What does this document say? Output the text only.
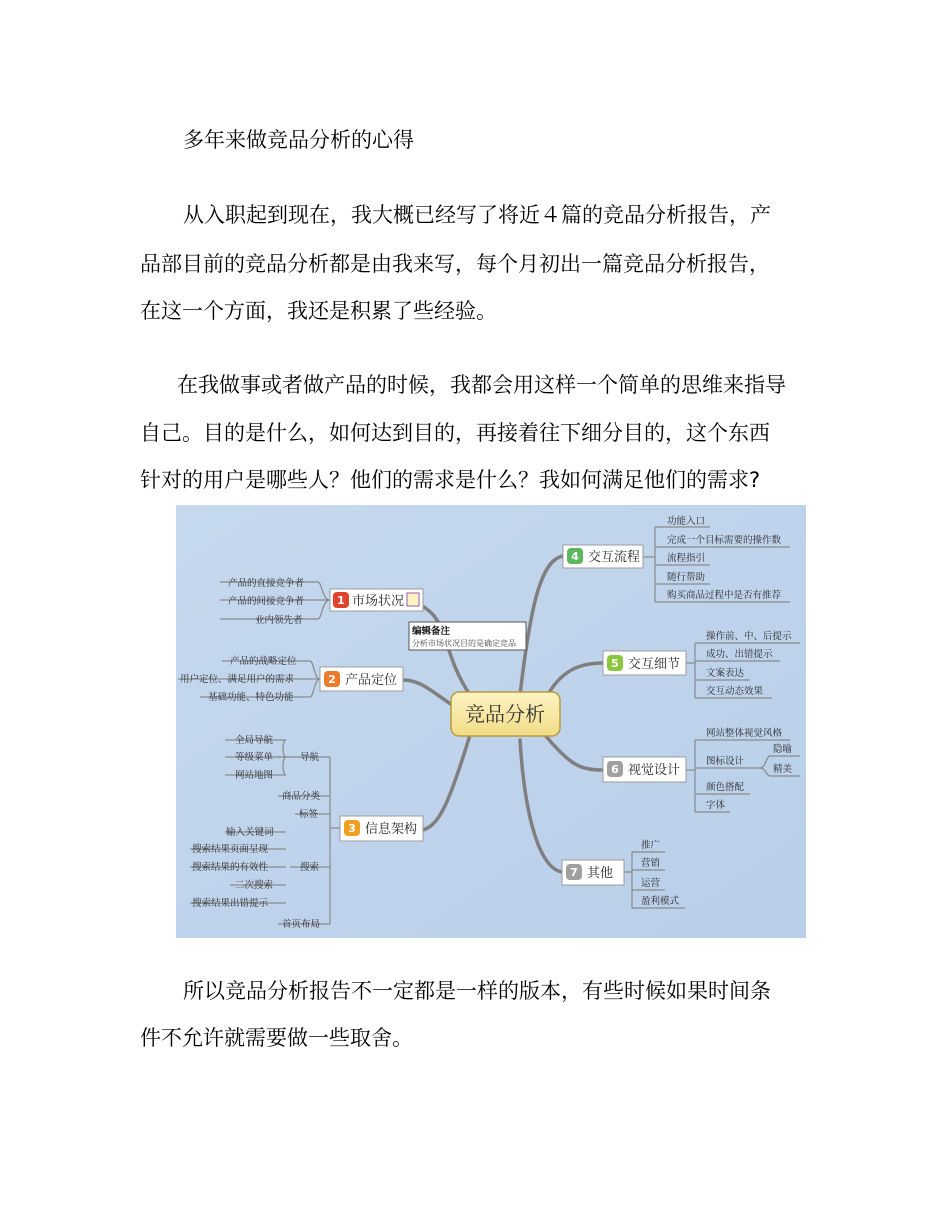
多年来做竞品分析的心得
从入职起到现在，我大概已经写了将近４篇的竞品分析报告，产
品部目前的竞品分析都是由我来写，每个月初出一篇竞品分析报告，
在这一个方面，我还是积累了些经验。
在我做事或者做产品的时候，我都会用这样一个简单的思维来指导
自己。目的是什么，如何达到目的，再接着往下细分目的，这个东西
针对的用户是哪些人？他们的需求是什么？我如何满足他们的需求?
所以竞品分析报告不一定都是一样的版本，有些时候如果时间条
件不允许就需要做一些取舍。
竞品分析
编辑备注
分析市场状况目的是确定竞品
1 市场状况
产品的直接竞争者
产品的间接竞争者
业内领先者
2 产品定位
产品的战略定位
用户定位、满足用户的需求
基础功能、特色功能
3 信息架构
导航
全局导航
等级菜单
网站地图
商品分类
标签
搜索
输入关键词
搜索结果页面呈现
搜索结果的有效性
二次搜索
搜索结果出错提示
首页布局
4 交互流程
功能入口
完成一个目标需要的操作数
流程指引
随行帮助
购买商品过程中是否有推荐
5 交互细节
操作前、中、后提示
成功、出错提示
文案表达
交互动态效果
6 视觉设计
网站整体视觉风格
图标设计
隐喻
精美
颜色搭配
字体
7 其他
推广
营销
运营
盈利模式
